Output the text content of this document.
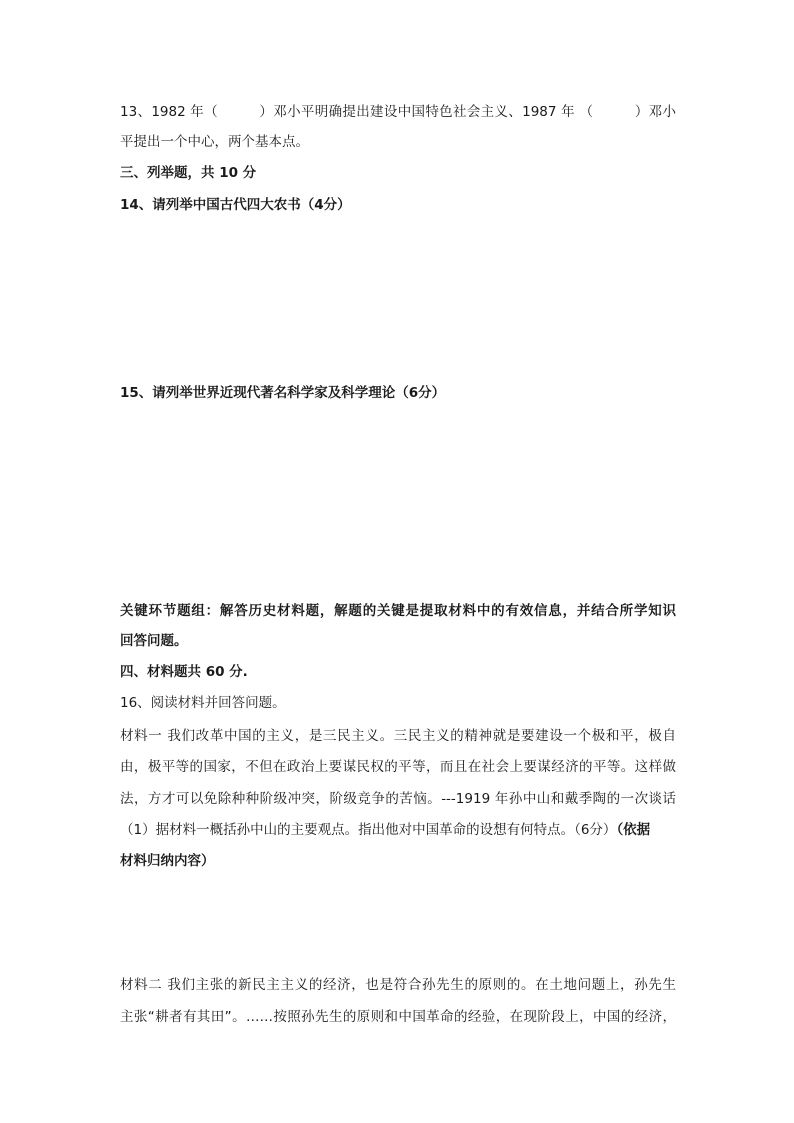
13、1982 年（　　　）邓小平明确提出建设中国特色社会主义、1987 年 （　　　）邓小
平提出一个中心，两个基本点。
三、列举题，共 10 分
14、请列举中国古代四大农书（4分）
15、请列举世界近现代著名科学家及科学理论（6分）
关键环节题组：解答历史材料题，解题的关键是提取材料中的有效信息，并结合所学知识
回答问题。
四、材料题共 60 分.
16、阅读材料并回答问题。
材料一 我们改革中国的主义，是三民主义。三民主义的精神就是要建设一个极和平，极自
由，极平等的国家，不但在政治上要谋民权的平等，而且在社会上要谋经济的平等。这样做
法，方才可以免除种种阶级冲突，阶级竞争的苦恼。---1919 年孙中山和戴季陶的一次谈话
（1）据材料一概括孙中山的主要观点。指出他对中国革命的设想有何特点。（6分）（依据
材料归纳内容）
材料二 我们主张的新民主主义的经济，也是符合孙先生的原则的。在土地问题上，孙先生
主张“耕者有其田”。……按照孙先生的原则和中国革命的经验，在现阶段上，中国的经济，
